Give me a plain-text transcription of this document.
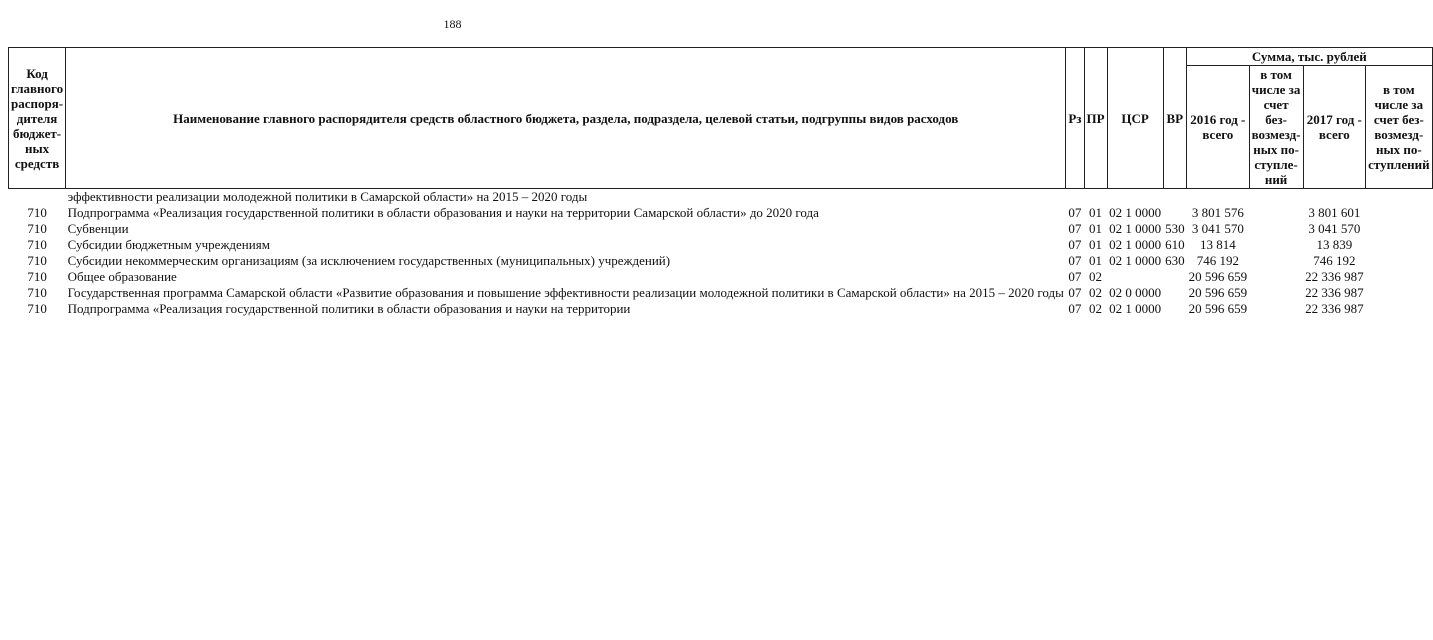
188
Код главного распоря-дителя бюджет-ных средств	Наименование главного распорядителя средств областного бюджета, раздела, подраздела, целевой статьи, подгруппы видов расходов	Рз	ПР	ЦСР	ВР	Сумма, тыс. рублей			
						2016 год - всего	в том числе за счет без-возмезд-ных по-ступле-ний	2017 год - всего	в том числе за счет без-возмезд-ных по-ступлений
	эффективности реализации молодежной политики в Самарской области» на 2015 – 2020 годы								
710	Подпрограмма «Реализация государственной политики в области образования и науки на территории Самарской области» до 2020 года	07	01	02 1 0000		3 801 576		3 801 601	
710	Субвенции	07	01	02 1 0000	530	3 041 570		3 041 570	
710	Субсидии бюджетным учреждениям	07	01	02 1 0000	610	13 814		13 839	
710	Субсидии некоммерческим организациям (за исключением государственных (муниципальных) учреждений)	07	01	02 1 0000	630	746 192		746 192	
710	Общее образование	07	02			20 596 659		22 336 987	
710	Государственная программа Самарской области «Развитие образования и повышение эффективности реализации молодежной политики в Самарской области» на 2015 – 2020 годы	07	02	02 0 0000		20 596 659		22 336 987	
710	Подпрограмма «Реализация государственной политики в области образования и науки на территории	07	02	02 1 0000		20 596 659		22 336 987	
